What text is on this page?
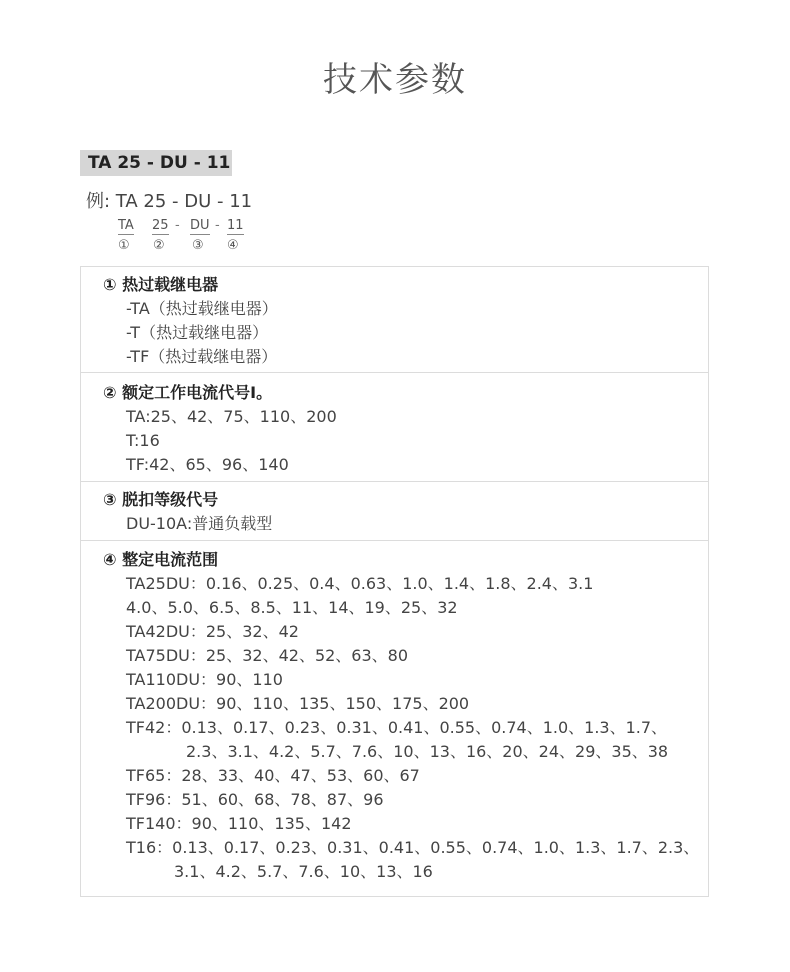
技术参数
TA 25 - DU - 11
例: TA 25 - DU - 11
TA 25 - DU - 11
① ② ③ ④
① 热过载继电器
-TA（热过载继电器）
-T（热过载继电器）
-TF（热过载继电器）
② 额定工作电流代号I。
TA:25、42、75、110、200
T:16
TF:42、65、96、140
③ 脱扣等级代号
DU-10A:普通负载型
④ 整定电流范围
TA25DU：0.16、0.25、0.4、0.63、1.0、1.4、1.8、2.4、3.1
4.0、5.0、6.5、8.5、11、14、19、25、32
TA42DU：25、32、42
TA75DU：25、32、42、52、63、80
TA110DU：90、110
TA200DU：90、110、135、150、175、200
TF42：0.13、0.17、0.23、0.31、0.41、0.55、0.74、1.0、1.3、1.7、
2.3、3.1、4.2、5.7、7.6、10、13、16、20、24、29、35、38
TF65：28、33、40、47、53、60、67
TF96：51、60、68、78、87、96
TF140：90、110、135、142
T16：0.13、0.17、0.23、0.31、0.41、0.55、0.74、1.0、1.3、1.7、2.3、
3.1、4.2、5.7、7.6、10、13、16
